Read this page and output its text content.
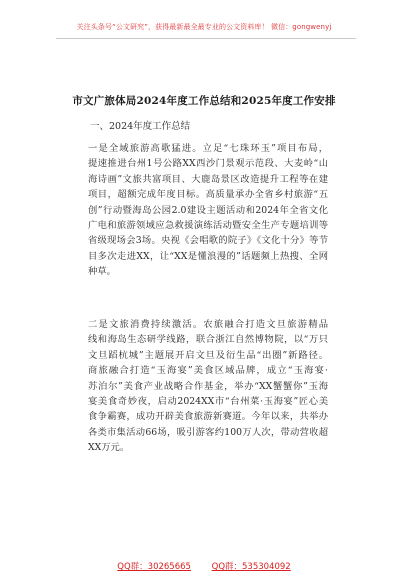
关注头条号“公文研究”，获得最新最全最专业的公文资料库！ 微信：gongwenyj
市文广旅体局2024年度工作总结和2025年度工作安排
一、2024年度工作总结
一是全域旅游高歌猛进。立足“七珠环玉”项目布局，
提速推进台州1号公路XX西沙门景观示范段、大麦岭“山
海诗画”文旅共富项目、大鹿岛景区改造提升工程等在建
项目，超额完成年度目标。高质量承办全省乡村旅游“五
创”行动暨海岛公园2.0建设主题活动和2024年全省文化
广电和旅游领域应急救援演练活动暨安全生产专题培训等
省级现场会3场。央视《会唱歌的院子》《文化十分》等节
目多次走进XX，让“XX是懂浪漫的”话题频上热搜、全网
种草。
二是文旅消费持续激活。农旅融合打造文旦旅游精品
线和海岛生态研学线路，联合浙江自然博物院，以“万只
文旦蹈杭城”主题展开启文旦及衍生品“出圈”新路径。
商旅融合打造“玉海宴”美食区域品牌，成立“玉海宴·
苏泊尔”美食产业战略合作基金，举办“XX蟹蟹你”玉海
宴美食奇妙夜，启动2024XX市“台州菜·玉海宴”匠心美
食争霸赛，成功开辟美食旅游新赛道。今年以来，共举办
各类市集活动66场，吸引游客约100万人次，带动营收超
XX万元。
QQ群：30265665 QQ群：535304092
